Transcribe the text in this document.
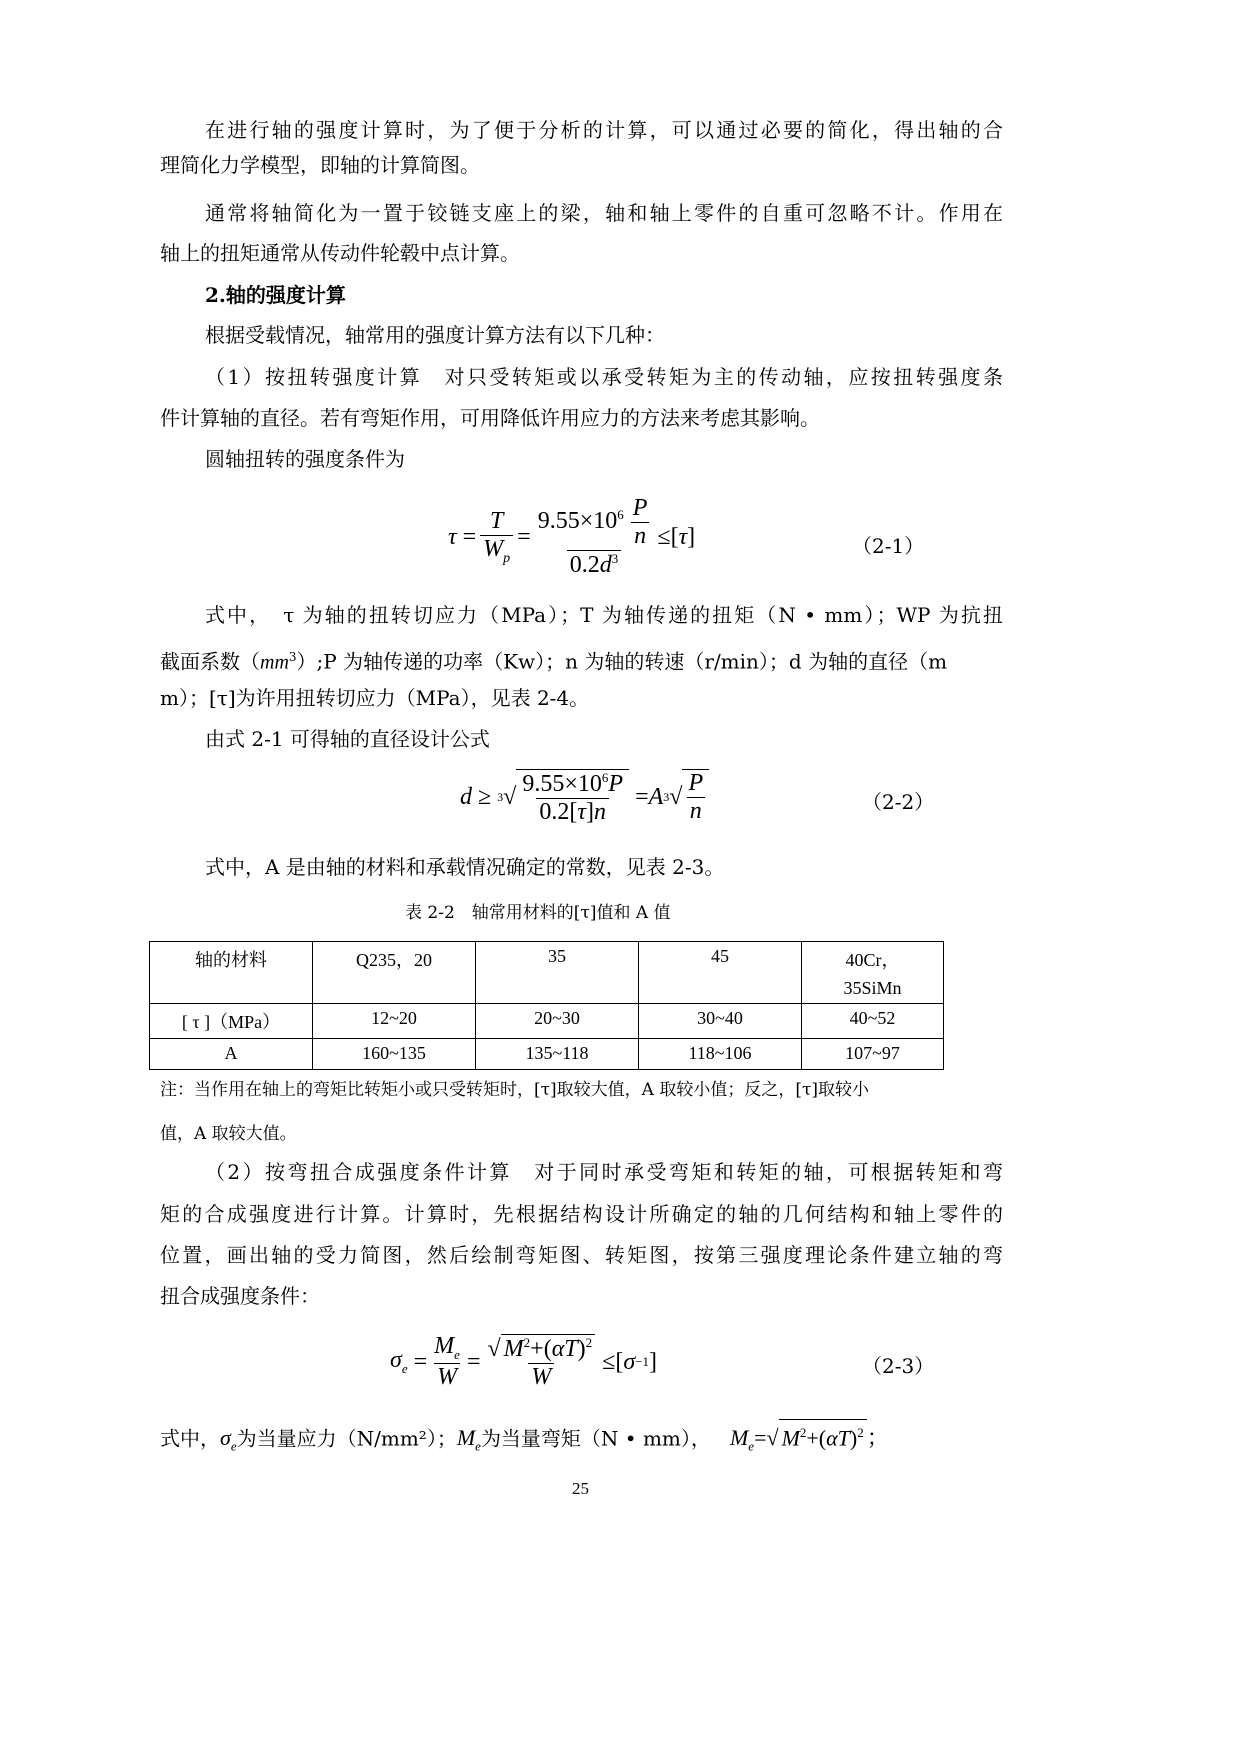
在进行轴的强度计算时，为了便于分析的计算，可以通过必要的简化，得出轴的合
理简化力学模型，即轴的计算简图。
通常将轴简化为一置于铰链支座上的梁，轴和轴上零件的自重可忽略不计。作用在
轴上的扭矩通常从传动件轮毂中点计算。
2.轴的强度计算
根据受载情况，轴常用的强度计算方法有以下几种：
（1）按扭转强度计算　对只受转矩或以承受转矩为主的传动轴，应按扭转强度条
件计算轴的直径。若有弯矩作用，可用降低许用应力的方法来考虑其影响。
圆轴扭转的强度条件为
$\tau = \frac{T}{W_p} = \frac{9.55\times 10^6 \frac{P}{n}}{0.2d^3}$ ≤[ τ ]	（2-1）
式中，　τ 为轴的扭转切应力（MPa）；T 为轴传递的扭矩（N • mm）；WP 为抗扭
截面系数$(mm^3);P$ 为轴传递的功率（Kw）；n 为轴的转速（r/min）；d 为轴的直径（m
m）；[τ]为许用扭转切应力（MPa），见表 2-4。
由式 2-1 可得轴的直径设计公式
d ≥ 3 √ $\frac{9.55\times 10^6P}{0.2[\tau]n} = A$ 3 √ $\frac{P}{n}$	（2-2）
式中，A 是由轴的材料和承载情况确定的常数，见表 2-3。
表 2-2　轴常用材料的[τ]值和 A 值
轴的材料	Q235，20	35	45	40Cr，
35SiMn

[ τ ]（MPa）	12~20	20~30	30~40	40~52
A	160~135	135~118	118~106	107~97
注：当作用在轴上的弯矩比转矩小或只受转矩时，[τ]取较大值，A 取较小值；反之，[τ]取较小
值，A 取较大值。
（2）按弯扭合成强度条件计算　对于同时承受弯矩和转矩的轴，可根据转矩和弯
矩的合成强度进行计算。计算时，先根据结构设计所确定的轴的几何结构和轴上零件的
位置，画出轴的受力简图，然后绘制弯矩图、转矩图，按第三强度理论条件建立轴的弯
扭合成强度条件：
$\sigma_e = \frac{M_e}{W} = \frac{√ M^2+(\alpha T)^2}{W}$ ≤[ σ −1 ]	（2-3）
式中，$\sigma_e$为当量应力（N/mm²）；$M_e$为当量弯矩（N • mm）， $M_e=√$ $M^2+(\alpha T)^2$ ；
25
